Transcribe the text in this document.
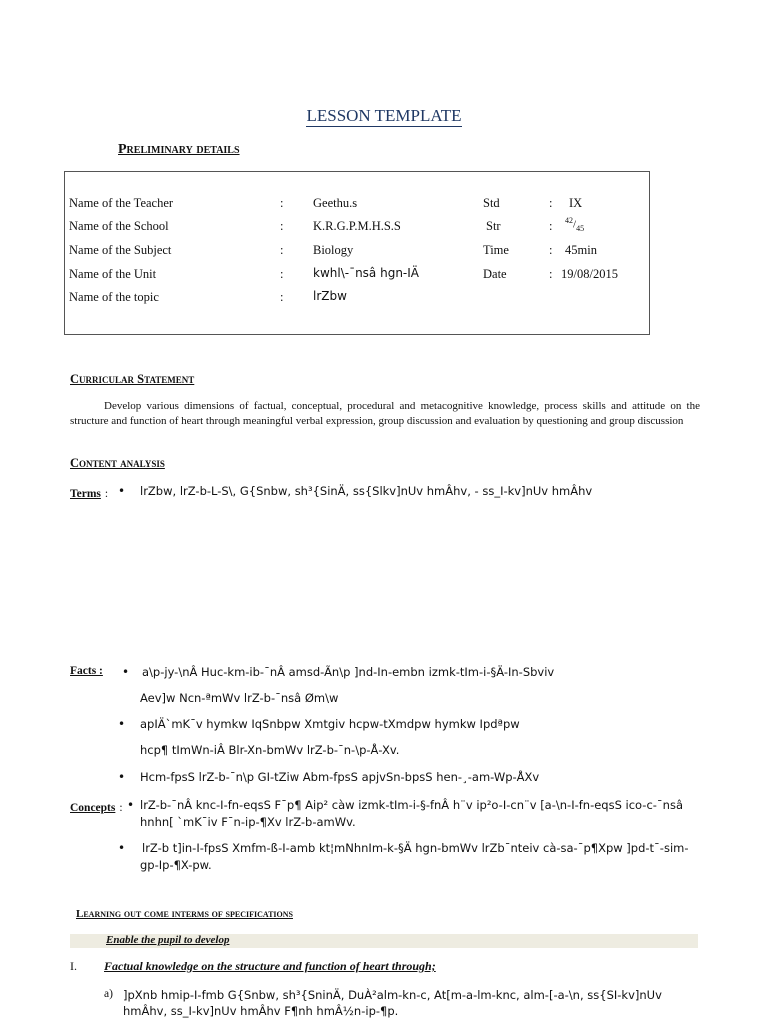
LESSON TEMPLATE
Preliminary details
Name of the Teacher	: Geethu.s	Std	: IX
Name of the School	: K.R.G.P.M.H.S.S	Str	: $^{42}/_{45}$
Name of the Subject	: Biology	Time	: 45min
Name of the Unit	: kwhl\-¯nsâ hgn-IÄ	Date	: 19/08/2015
Name of the topic	: lrZbw
Curricular Statement
Develop various dimensions of factual, conceptual, procedural and metacognitive knowledge, process skills and attitude on the structure and function of heart through meaningful verbal expression, group discussion and evaluation by questioning and group discussion
Content analysis
Terms : • lrZbw, lrZ-b-L-S\, G{Snbw, sh³{SinÄ, ss{Slkv]nUv hmÂhv, - ss_I-kv]nUv hmÂhv
Facts : • a\p-jy-\nÂ Huc-km-ib-¯nÂ amsd-Ãn\p ]nd-In-embn izmk-tIm-i-§Ä-In-Sbviv
Aev]w Ncn-ªmWv lrZ-b-¯nsâ Øm\w
• apIÄ`mK¯v hymkw IqSnbpw Xmtgiv hcpw-tXmdpw hymkw Ipdªpw
hcp¶ tImWn-iÂ Blr-Xn-bmWv lrZ-b-¯n-\p-Å-Xv.
• Hcm-fpsS lrZ-b-¯n\p GI-tZiw Abm-fpsS apjvSn-bpsS hen-¸-am-Wp-ÅXv
Concepts : • lrZ-b-¯nÂ knc-I-fn-eqsS F¯p¶ Aip² càw izmk-tIm-i-§-fnÂ h¨v ip²o-I-cn¨v [a-\n-I-fn-eqsS ico-c-¯nsâ
hnhn[ `mK¯iv F¯n-ip-¶Xv lrZ-b-amWv.
• lrZ-b t]in-I-fpsS Xmfm-ß-I-amb kt¦mNhnIm-k-§Ä hgn-bmWv lrZb¯nteiv cà-sa-¯p¶Xpw ]pd-t¯-sim-
gp-Ip-¶X-pw.
Learning out come interms of specifications
Enable the pupil to develop
I. Factual knowledge on the structure and function of heart through;
a) ]pXnb hmip-I-fmb G{Snbw, sh³{SninÄ, DuÀ²alm-kn-c, At[m-a-lm-knc, alm-[-a-\n, ss{SI-kv]nUv
hmÂhv, ss_I-kv]nUv hmÂhv F¶nh hmÂ½n-ip-¶p.
